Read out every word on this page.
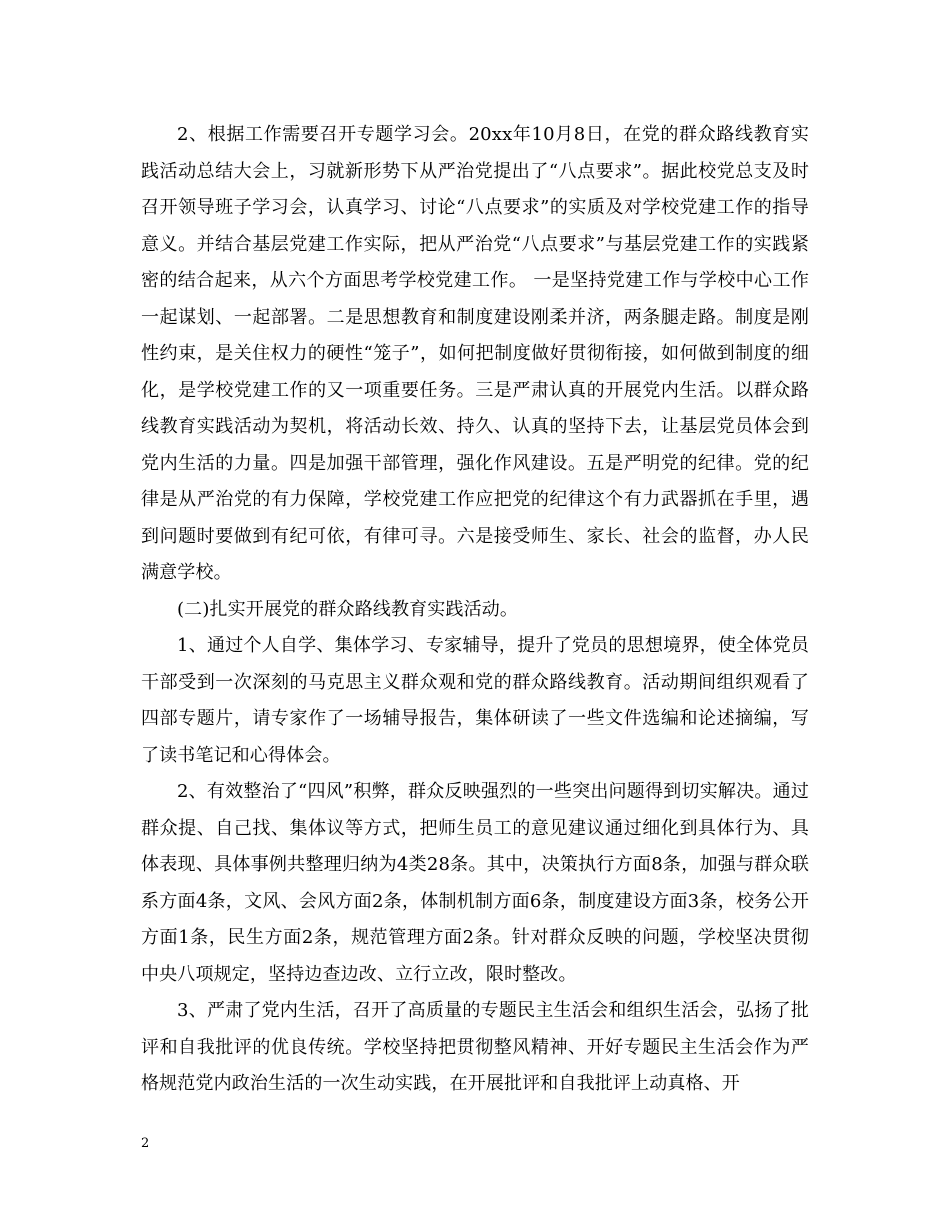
2、根据工作需要召开专题学习会。20xx年10月8日，在党的群众路线教育实践活动总结大会上，习就新形势下从严治党提出了“八点要求”。据此校党总支及时召开领导班子学习会，认真学习、讨论“八点要求”的实质及对学校党建工作的指导意义。并结合基层党建工作实际，把从严治党“八点要求”与基层党建工作的实践紧密的结合起来，从六个方面思考学校党建工作。 一是坚持党建工作与学校中心工作一起谋划、一起部署。二是思想教育和制度建设刚柔并济，两条腿走路。制度是刚性约束，是关住权力的硬性“笼子”，如何把制度做好贯彻衔接，如何做到制度的细化，是学校党建工作的又一项重要任务。三是严肃认真的开展党内生活。以群众路线教育实践活动为契机，将活动长效、持久、认真的坚持下去，让基层党员体会到党内生活的力量。四是加强干部管理，强化作风建设。五是严明党的纪律。党的纪律是从严治党的有力保障，学校党建工作应把党的纪律这个有力武器抓在手里，遇到问题时要做到有纪可依，有律可寻。六是接受师生、家长、社会的监督，办人民满意学校。

(二)扎实开展党的群众路线教育实践活动。

1、通过个人自学、集体学习、专家辅导，提升了党员的思想境界，使全体党员干部受到一次深刻的马克思主义群众观和党的群众路线教育。活动期间组织观看了四部专题片，请专家作了一场辅导报告，集体研读了一些文件选编和论述摘编，写了读书笔记和心得体会。

2、有效整治了“四风”积弊，群众反映强烈的一些突出问题得到切实解决。通过群众提、自己找、集体议等方式，把师生员工的意见建议通过细化到具体行为、具体表现、具体事例共整理归纳为4类28条。其中，决策执行方面8条，加强与群众联系方面4条，文风、会风方面2条，体制机制方面6条，制度建设方面3条，校务公开方面1条，民生方面2条，规范管理方面2条。针对群众反映的问题，学校坚决贯彻中央八项规定，坚持边查边改、立行立改，限时整改。

3、严肃了党内生活，召开了高质量的专题民主生活会和组织生活会，弘扬了批评和自我批评的优良传统。学校坚持把贯彻整风精神、开好专题民主生活会作为严格规范党内政治生活的一次生动实践，在开展批评和自我批评上动真格、开

2
